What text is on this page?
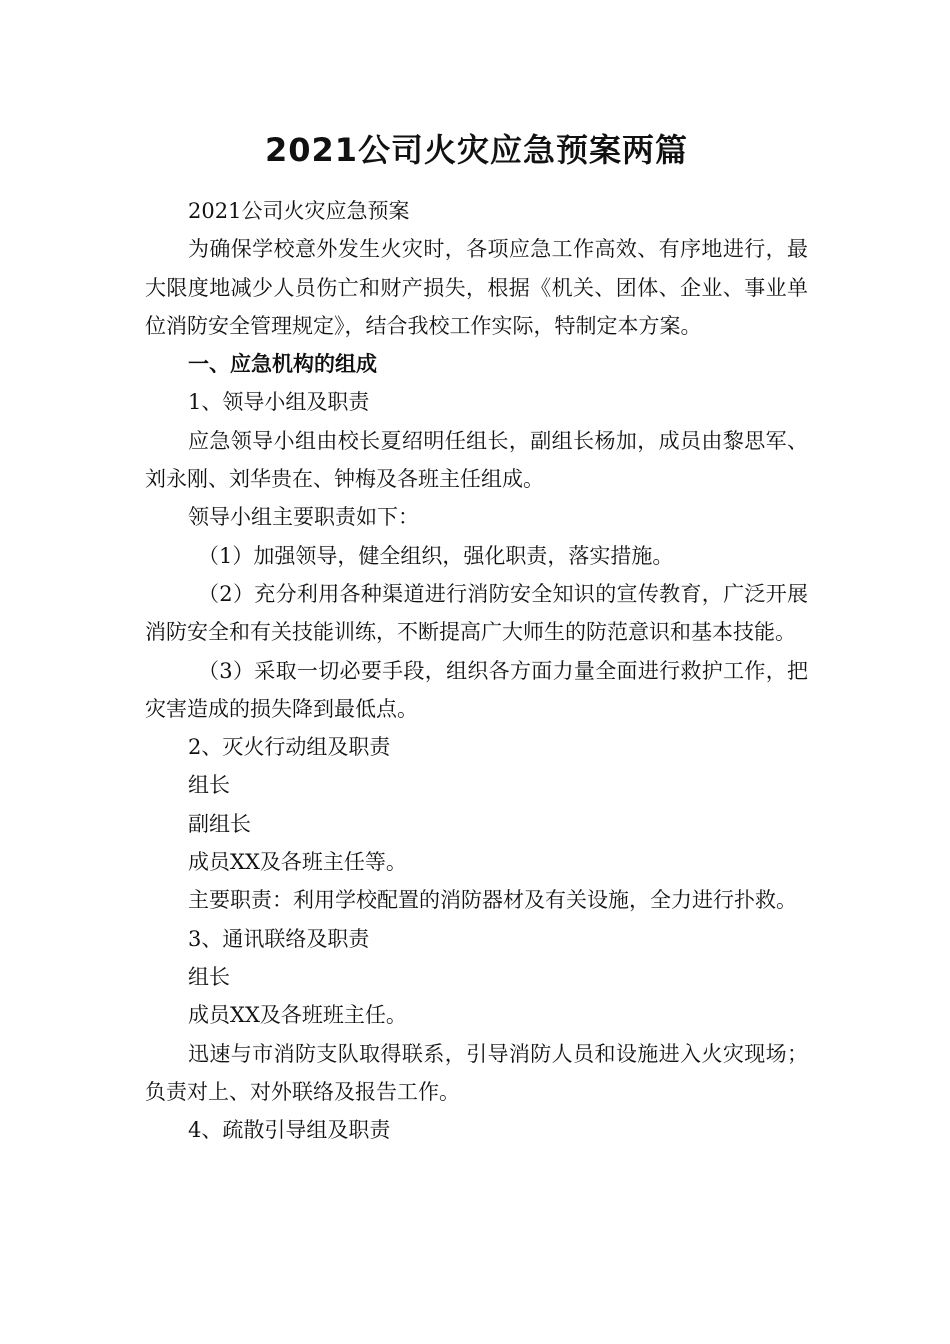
2021公司火灾应急预案两篇

2021公司火灾应急预案

为确保学校意外发生火灾时，各项应急工作高效、有序地进行，最大限度地减少人员伤亡和财产损失，根据《机关、团体、企业、事业单位消防安全管理规定》，结合我校工作实际，特制定本方案。

一、应急机构的组成

1、领导小组及职责

应急领导小组由校长夏绍明任组长，副组长杨加，成员由黎思军、刘永刚、刘华贵在、钟梅及各班主任组成。

领导小组主要职责如下：

（1）加强领导，健全组织，强化职责，落实措施。

（2）充分利用各种渠道进行消防安全知识的宣传教育，广泛开展消防安全和有关技能训练，不断提高广大师生的防范意识和基本技能。

（3）采取一切必要手段，组织各方面力量全面进行救护工作，把灾害造成的损失降到最低点。

2、灭火行动组及职责

组长

副组长

成员XX及各班主任等。

主要职责：利用学校配置的消防器材及有关设施，全力进行扑救。

3、通讯联络及职责

组长

成员XX及各班班主任。

迅速与市消防支队取得联系，引导消防人员和设施进入火灾现场；负责对上、对外联络及报告工作。

4、疏散引导组及职责
